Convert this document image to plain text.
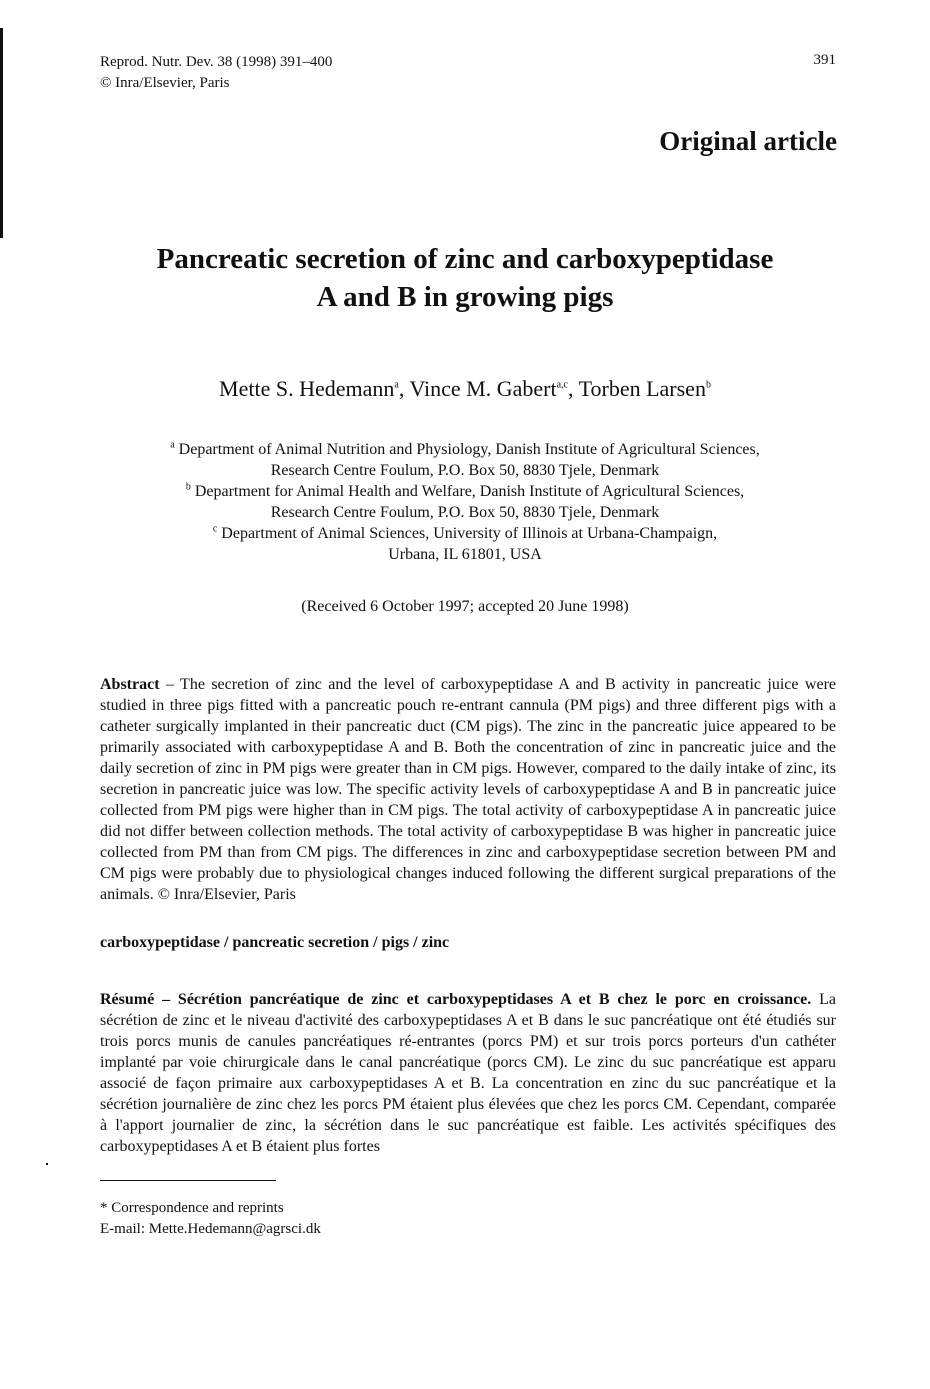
Reprod. Nutr. Dev. 38 (1998) 391–400
© Inra/Elsevier, Paris
391
Original article
Pancreatic secretion of zinc and carboxypeptidase
A and B in growing pigs
Mette S. Hedemann$^a$, Vince M. Gabert$^{a,c}$, Torben Larsen$^b$
$^a$ Department of Animal Nutrition and Physiology, Danish Institute of Agricultural Sciences,
Research Centre Foulum, P.O. Box 50, 8830 Tjele, Denmark
$^b$ Department for Animal Health and Welfare, Danish Institute of Agricultural Sciences,
Research Centre Foulum, P.O. Box 50, 8830 Tjele, Denmark
$^c$ Department of Animal Sciences, University of Illinois at Urbana-Champaign,
Urbana, IL 61801, USA
(Received 6 October 1997; accepted 20 June 1998)
Abstract – The secretion of zinc and the level of carboxypeptidase A and B activity in pancreatic juice were studied in three pigs fitted with a pancreatic pouch re-entrant cannula (PM pigs) and three different pigs with a catheter surgically implanted in their pancreatic duct (CM pigs). The zinc in the pancreatic juice appeared to be primarily associated with carboxypeptidase A and B. Both the concentration of zinc in pancreatic juice and the daily secretion of zinc in PM pigs were greater than in CM pigs. However, compared to the daily intake of zinc, its secretion in pancreatic juice was low. The specific activity levels of carboxypeptidase A and B in pancreatic juice collected from PM pigs were higher than in CM pigs. The total activity of carboxypeptidase A in pancreatic juice did not differ between collection methods. The total activity of carboxypeptidase B was higher in pancreatic juice collected from PM than from CM pigs. The differences in zinc and carboxypeptidase secretion between PM and CM pigs were probably due to physiological changes induced following the different surgical preparations of the animals. © Inra/Elsevier, Paris
carboxypeptidase / pancreatic secretion / pigs / zinc
Résumé – Sécrétion pancréatique de zinc et carboxypeptidases A et B chez le porc en croissance. La sécrétion de zinc et le niveau d'activité des carboxypeptidases A et B dans le suc pancréatique ont été étudiés sur trois porcs munis de canules pancréatiques ré-entrantes (porcs PM) et sur trois porcs porteurs d'un cathéter implanté par voie chirurgicale dans le canal pancréatique (porcs CM). Le zinc du suc pancréatique est apparu associé de façon primaire aux carboxypeptidases A et B. La concentration en zinc du suc pancréatique et la sécrétion journalière de zinc chez les porcs PM étaient plus élevées que chez les porcs CM. Cependant, comparée à l'apport journalier de zinc, la sécrétion dans le suc pancréatique est faible. Les activités spécifiques des carboxypeptidases A et B étaient plus fortes
* Correspondence and reprints
E-mail: Mette.Hedemann@agrsci.dk
